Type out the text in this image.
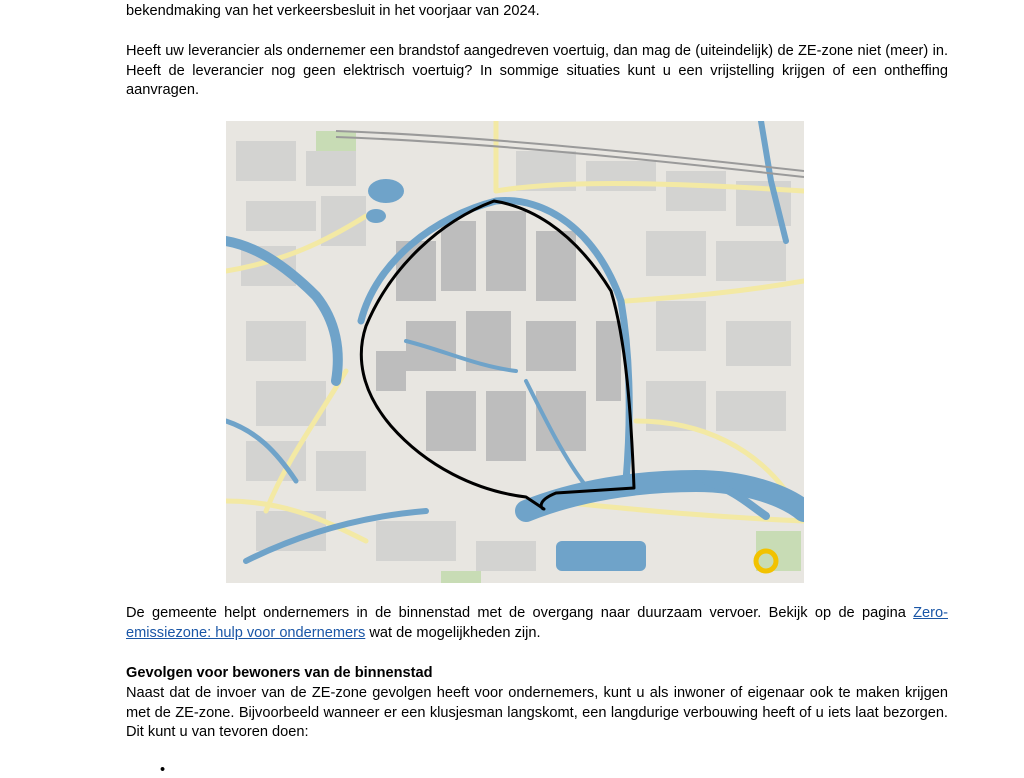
bekendmaking van het verkeersbesluit in het voorjaar van 2024.

Heeft uw leverancier als ondernemer een brandstof aangedreven voertuig, dan mag de (uiteindelijk) de ZE-zone niet (meer) in. Heeft de leverancier nog geen elektrisch voertuig? In sommige situaties kunt u een vrijstelling krijgen of een ontheffing aanvragen.

De gemeente helpt ondernemers in de binnenstad met de overgang naar duurzaam vervoer. Bekijk op de pagina Zero-emissiezone: hulp voor ondernemers wat de mogelijkheden zijn.

Gevolgen voor bewoners van de binnenstad

Naast dat de invoer van de ZE-zone gevolgen heeft voor ondernemers, kunt u als inwoner of eigenaar ook te maken krijgen met de ZE-zone. Bijvoorbeeld wanneer er een klusjesman langskomt, een langdurige verbouwing heeft of u iets laat bezorgen. Dit kunt u van tevoren doen:

•
